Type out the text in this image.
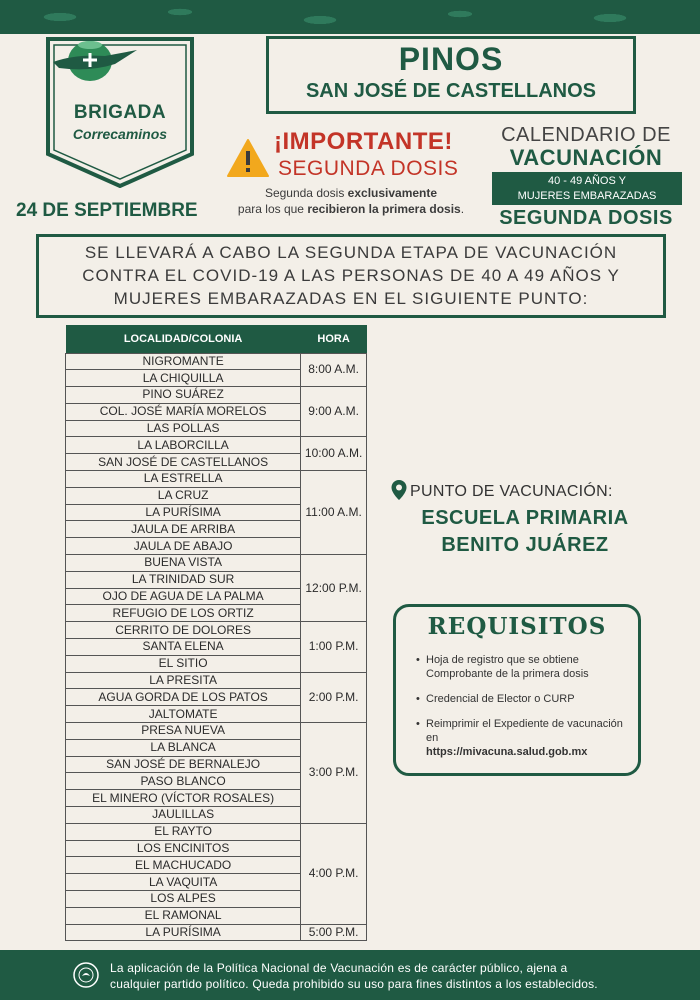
BRIGADA
Correcaminos
24 DE SEPTIEMBRE
PINOS
SAN JOSÉ DE CASTELLANOS
¡IMPORTANTE!
SEGUNDA DOSIS
Segunda dosis exclusivamente
para los que recibieron la primera dosis.
CALENDARIO DE
VACUNACIÓN
40 - 49 AÑOS Y
MUJERES EMBARAZADAS
SEGUNDA DOSIS
SE LLEVARÁ A CABO LA SEGUNDA ETAPA DE VACUNACIÓN
CONTRA EL COVID-19 A LAS PERSONAS DE 40 A 49 AÑOS Y
MUJERES EMBARAZADAS EN EL SIGUIENTE PUNTO:
LOCALIDAD/COLONIA	HORA
NIGROMANTE	8:00 A.M.
LA CHIQUILLA	
PINO SUÁREZ	9:00 A.M.
COL. JOSÉ MARÍA MORELOS	
LAS POLLAS	
LA LABORCILLA	10:00 A.M.
SAN JOSÉ DE CASTELLANOS	
LA ESTRELLA	11:00 A.M.
LA CRUZ	
LA PURÍSIMA	
JAULA DE ARRIBA	
JAULA DE ABAJO	
BUENA VISTA	12:00 P.M.
LA TRINIDAD SUR	
OJO DE AGUA DE LA PALMA	
REFUGIO DE LOS ORTIZ	
CERRITO DE DOLORES	1:00 P.M.
SANTA ELENA	
EL SITIO	
LA PRESITA	2:00 P.M.
AGUA GORDA DE LOS PATOS	
JALTOMATE	
PRESA NUEVA	3:00 P.M.
LA BLANCA	
SAN JOSÉ DE BERNALEJO	
PASO BLANCO	
EL MINERO (VÍCTOR ROSALES)	
JAULILLAS	
EL RAYTO	4:00 P.M.
LOS ENCINITOS	
EL MACHUCADO	
LA VAQUITA	
LOS ALPES	
EL RAMONAL	
LA PURÍSIMA	5:00 P.M.
PUNTO DE VACUNACIÓN:
ESCUELA PRIMARIA
BENITO JUÁREZ
REQUISITOS
• Hoja de registro que se obtiene Comprobante de la primera dosis
• Credencial de Elector o CURP
• Reimprimir el Expediente de vacunación en
https://mivacuna.salud.gob.mx
La aplicación de la Política Nacional de Vacunación es de carácter público, ajena a
cualquier partido político. Queda prohibido su uso para fines distintos a los establecidos.
